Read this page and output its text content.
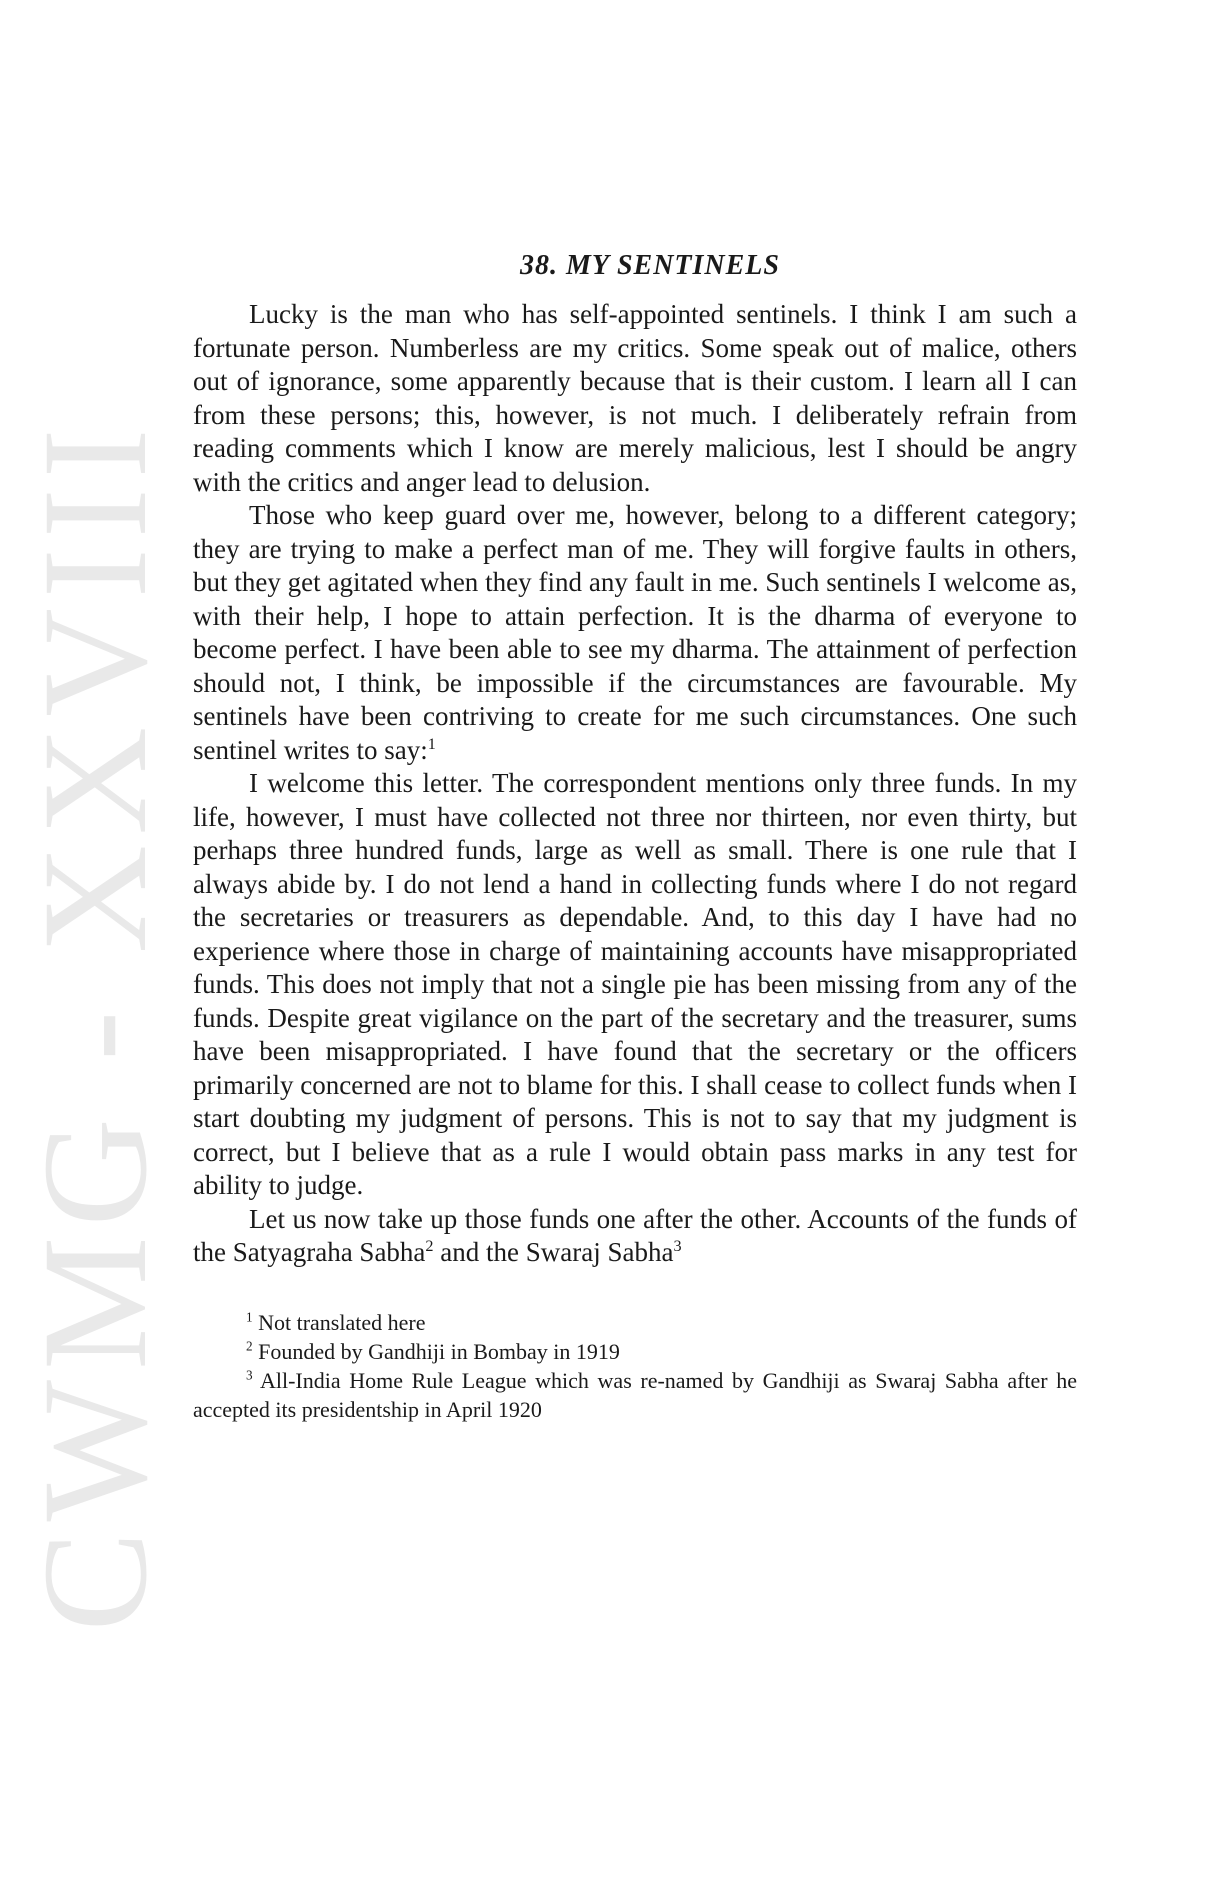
CWMG - XXVIII
38. MY SENTINELS

Lucky is the man who has self-appointed sentinels. I think I am such a fortunate person. Numberless are my critics. Some speak out of malice, others out of ignorance, some apparently because that is their custom. I learn all I can from these persons; this, however, is not much. I deliberately refrain from reading comments which I know are merely malicious, lest I should be angry with the critics and anger lead to delusion.

Those who keep guard over me, however, belong to a different category; they are trying to make a perfect man of me. They will forgive faults in others, but they get agitated when they find any fault in me. Such sentinels I welcome as, with their help, I hope to attain perfection. It is the dharma of everyone to become perfect. I have been able to see my dharma. The attainment of perfection should not, I think, be impossible if the circumstances are favourable. My sentinels have been contriving to create for me such circumstances. One such sentinel writes to say:$^1$

I welcome this letter. The correspondent mentions only three funds. In my life, however, I must have collected not three nor thirteen, nor even thirty, but perhaps three hundred funds, large as well as small. There is one rule that I always abide by. I do not lend a hand in collecting funds where I do not regard the secretaries or treasurers as dependable. And, to this day I have had no experience where those in charge of maintaining accounts have misappropriated funds. This does not imply that not a single pie has been missing from any of the funds. Despite great vigilance on the part of the secretary and the treasurer, sums have been misappropriated. I have found that the secretary or the officers primarily concerned are not to blame for this. I shall cease to collect funds when I start doubting my judgment of persons. This is not to say that my judgment is correct, but I believe that as a rule I would obtain pass marks in any test for ability to judge.

Let us now take up those funds one after the other. Accounts of the funds of the Satyagraha Sabha$^2$ and the Swaraj Sabha$^3$

$^1$ Not translated here

$^2$ Founded by Gandhiji in Bombay in 1919

$^3$ All-India Home Rule League which was re-named by Gandhiji as Swaraj Sabha after he accepted its presidentship in April 1920
